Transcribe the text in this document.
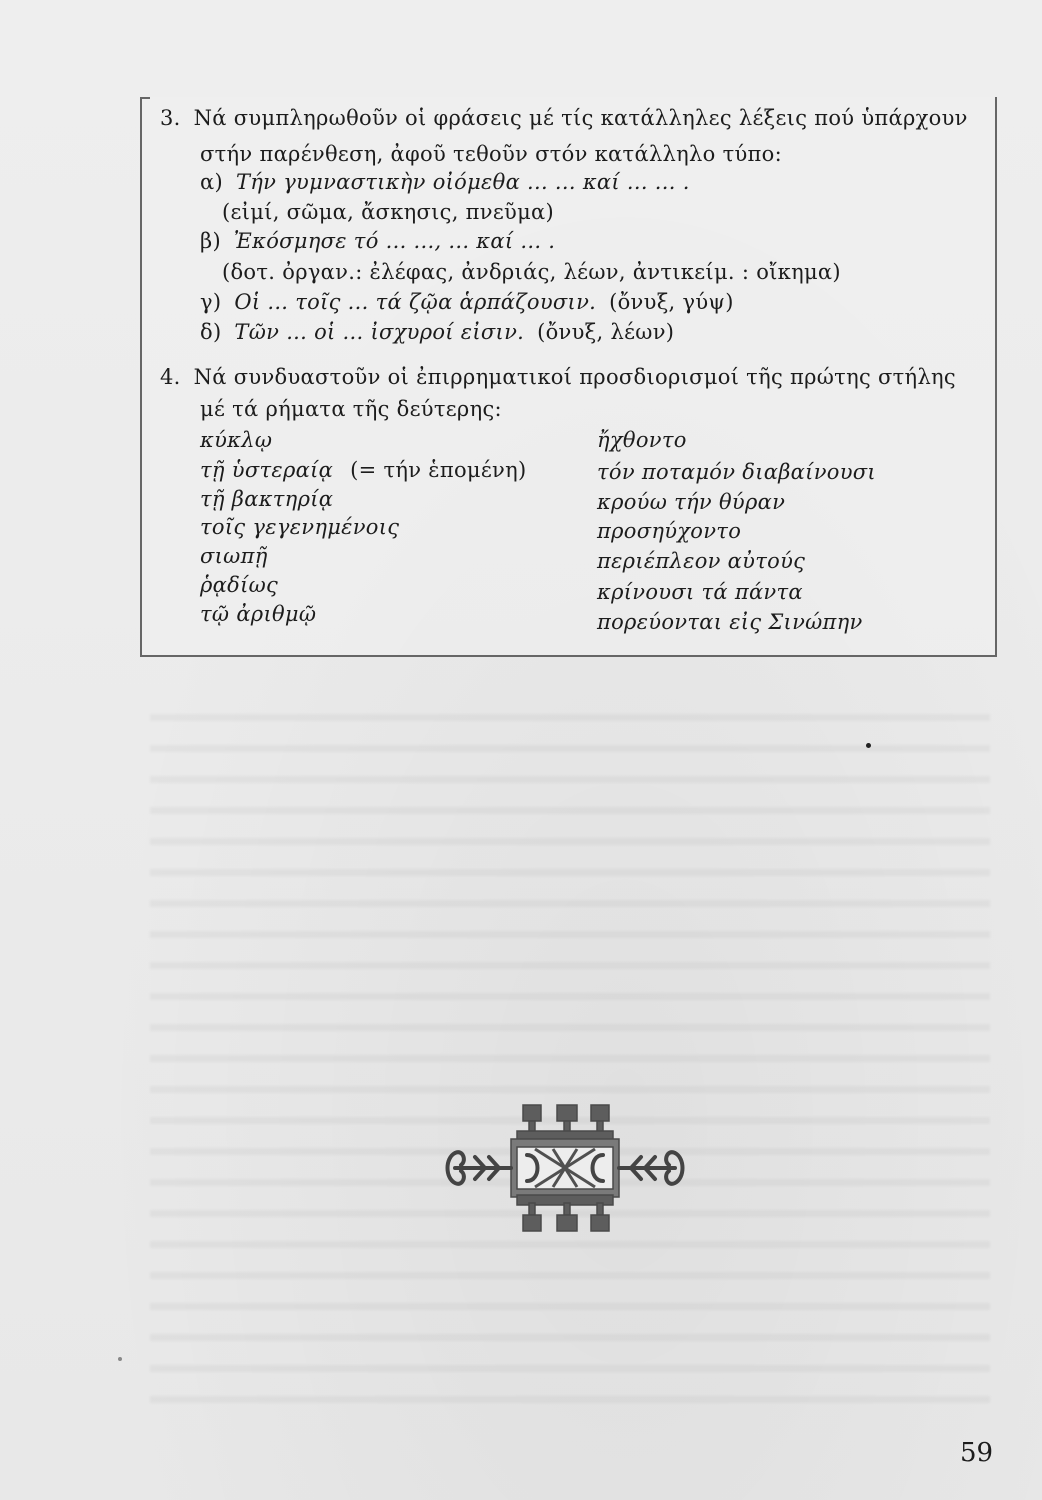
3. Νά συμπληρωθοῦν οἱ φράσεις μέ τίς κατάλληλες λέξεις πού ὑπάρχουν
στήν παρένθεση, ἀφοῦ τεθοῦν στόν κατάλληλο τύπο:
α) Τήν γυμναστικὴν οἰόμεθα ... ... καί ... ... .
(εἰμί, σῶμα, ἄσκησις, πνεῦμα)
β) Ἐκόσμησε τό ... ..., ... καί ... .
(δοτ. ὀργαν.: ἐλέφας, ἀνδριάς, λέων, ἀντικείμ. : οἴκημα)
γ) Οἱ ... τοῖς ... τά ζῷα ἁρπάζουσιν. (ὄνυξ, γύψ)
δ) Τῶν ... οἱ ... ἰσχυροί εἰσιν. (ὄνυξ, λέων)
4. Νά συνδυαστοῦν οἱ ἐπιρρηματικοί προσδιορισμοί τῆς πρώτης στήλης
μέ τά ρήματα τῆς δεύτερης:
κύκλῳ
τῇ ὑστεραίᾳ (= τήν ἑπομένη)
τῇ βακτηρίᾳ
τοῖς γεγενημένοις
σιωπῇ
ῥᾳδίως
τῷ ἀριθμῷ
ἤχθοντο
τόν ποταμόν διαβαίνουσι
κρούω τήν θύραν
προσηύχοντο
περιέπλεον αὐτούς
κρίνουσι τά πάντα
πορεύονται εἰς Σινώπην
59
